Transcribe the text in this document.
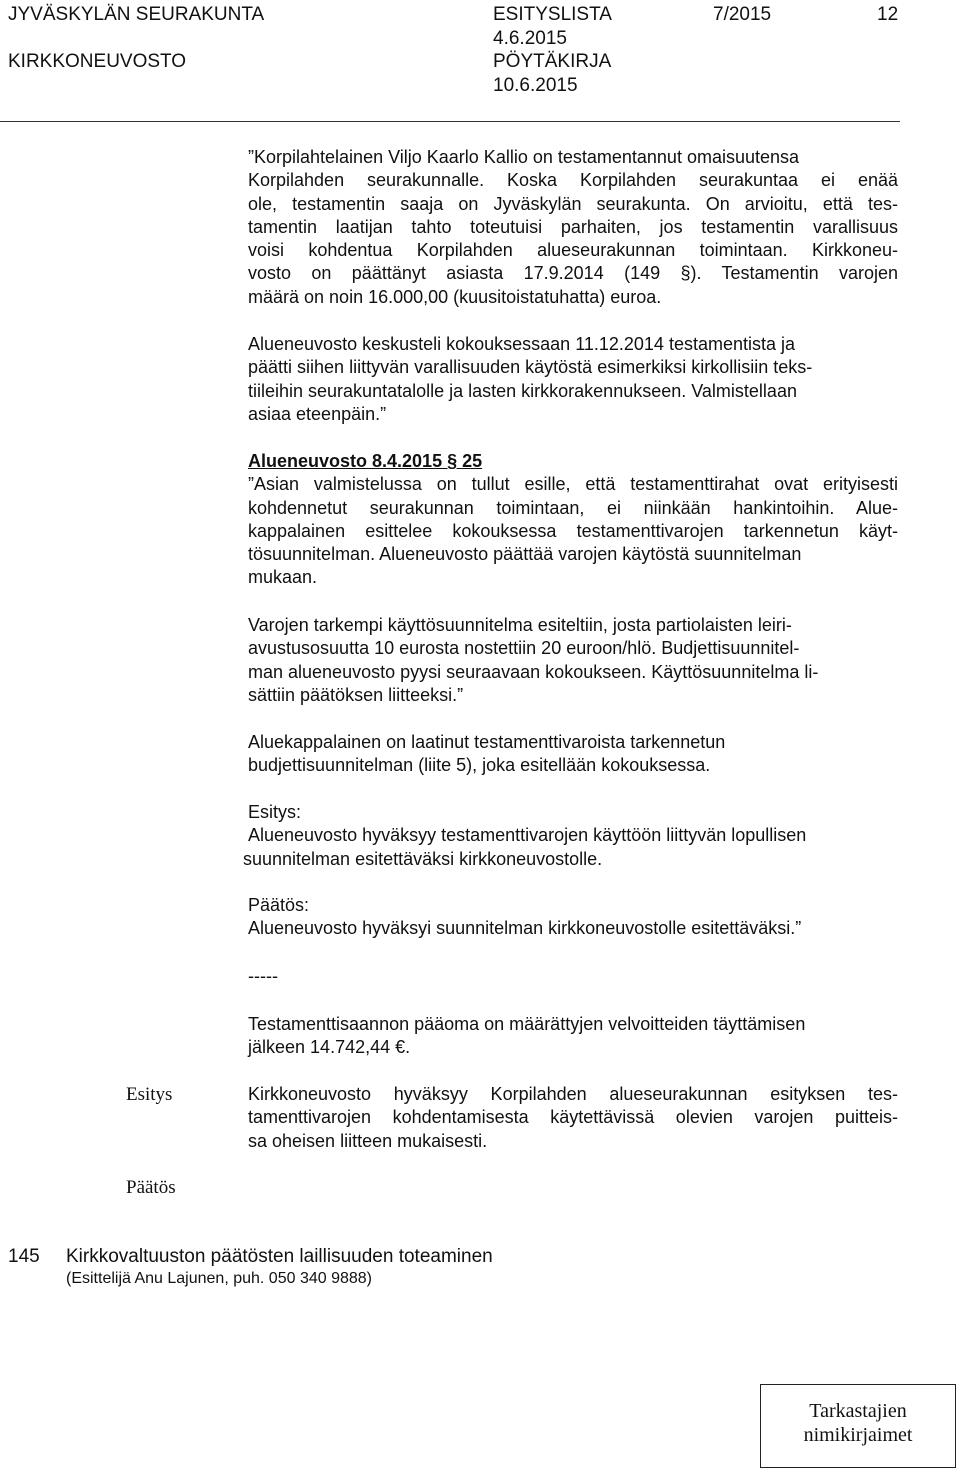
JYVÄSKYLÄN SEURAKUNTA
KIRKKONEUVOSTO
ESITYSLISTA
4.6.2015
PÖYTÄKIRJA
10.6.2015
7/2015	12
”Korpilahtelainen Viljo Kaarlo Kallio on testamentannut omaisuutensa
Korpilahden seurakunnalle. Koska Korpilahden seurakuntaa ei enää
ole, testamentin saaja on Jyväskylän seurakunta. On arvioitu, että tes-
tamentin laatijan tahto toteutuisi parhaiten, jos testamentin varallisuus
voisi kohdentua Korpilahden alueseurakunnan toimintaan. Kirkkoneu-
vosto on päättänyt asiasta 17.9.2014 (149 §). Testamentin varojen
määrä on noin 16.000,00 (kuusitoistatuhatta) euroa.
Alueneuvosto keskusteli kokouksessaan 11.12.2014 testamentista ja
päätti siihen liittyvän varallisuuden käytöstä esimerkiksi kirkollisiin teks-
tiileihin seurakuntatalolle ja lasten kirkkorakennukseen. Valmistellaan
asiaa eteenpäin.”
Alueneuvosto 8.4.2015 § 25
”Asian valmistelussa on tullut esille, että testamenttirahat ovat erityisesti
kohdennetut seurakunnan toimintaan, ei niinkään hankintoihin. Alue-
kappalainen esittelee kokouksessa testamenttivarojen tarkennetun käyt-
tösuunnitelman. Alueneuvosto päättää varojen käytöstä suunnitelman
mukaan.
Varojen tarkempi käyttösuunnitelma esiteltiin, josta partiolaisten leiri-
avustusosuutta 10 eurosta nostettiin 20 euroon/hlö. Budjettisuunnitel-
man alueneuvosto pyysi seuraavaan kokoukseen. Käyttösuunnitelma li-
sättiin päätöksen liitteeksi.”
Aluekappalainen on laatinut testamenttivaroista tarkennetun
budjettisuunnitelman (liite 5), joka esitellään kokouksessa.
Esitys:
Alueneuvosto hyväksyy testamenttivarojen käyttöön liittyvän lopullisen
suunnitelman esitettäväksi kirkkoneuvostolle.
Päätös:
Alueneuvosto hyväksyi suunnitelman kirkkoneuvostolle esitettäväksi.”
-----
Testamenttisaannon pääoma on määrättyjen velvoitteiden täyttämisen
jälkeen 14.742,44 €.
Esitys	Kirkkoneuvosto hyväksyy Korpilahden alueseurakunnan esityksen tes-
tamenttivarojen kohdentamisesta käytettävissä olevien varojen puitteis-
sa oheisen liitteen mukaisesti.
Päätös
145 Kirkkovaltuuston päätösten laillisuuden toteaminen
(Esittelijä Anu Lajunen, puh. 050 340 9888)
Tarkastajien
nimikirjaimet
